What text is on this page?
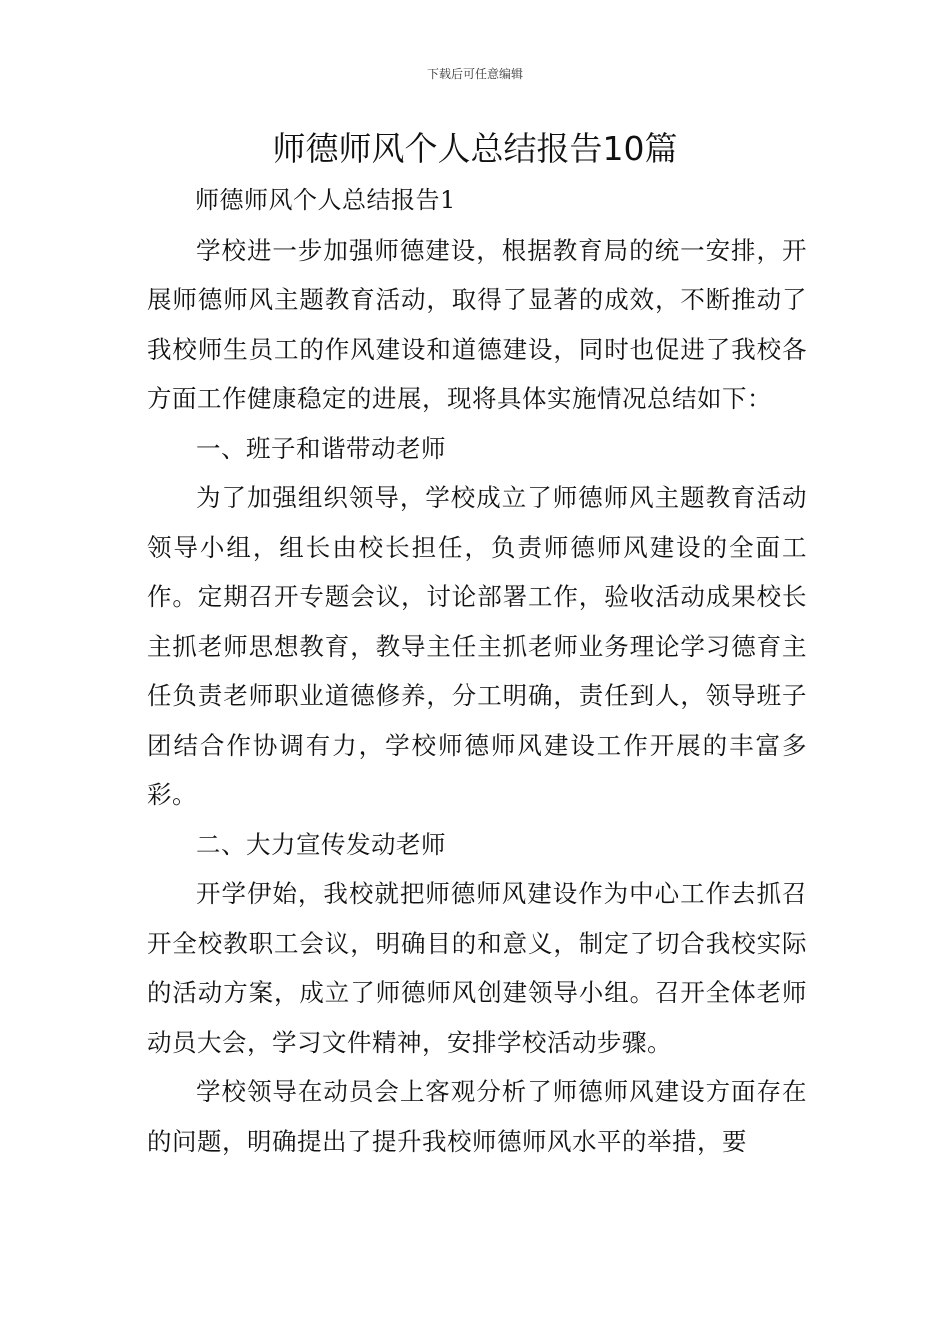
下载后可任意编辑
师德师风个人总结报告10篇

师德师风个人总结报告1

学校进一步加强师德建设，根据教育局的统一安排，开展师德师风主题教育活动，取得了显著的成效，不断推动了我校师生员工的作风建设和道德建设，同时也促进了我校各方面工作健康稳定的进展，现将具体实施情况总结如下：

一、班子和谐带动老师

为了加强组织领导，学校成立了师德师风主题教育活动领导小组，组长由校长担任，负责师德师风建设的全面工作。定期召开专题会议，讨论部署工作，验收活动成果校长主抓老师思想教育，教导主任主抓老师业务理论学习德育主任负责老师职业道德修养，分工明确，责任到人，领导班子团结合作协调有力，学校师德师风建设工作开展的丰富多彩。

二、大力宣传发动老师

开学伊始，我校就把师德师风建设作为中心工作去抓召开全校教职工会议，明确目的和意义，制定了切合我校实际的活动方案，成立了师德师风创建领导小组。召开全体老师动员大会，学习文件精神，安排学校活动步骤。

学校领导在动员会上客观分析了师德师风建设方面存在的问题，明确提出了提升我校师德师风水平的举措，要
